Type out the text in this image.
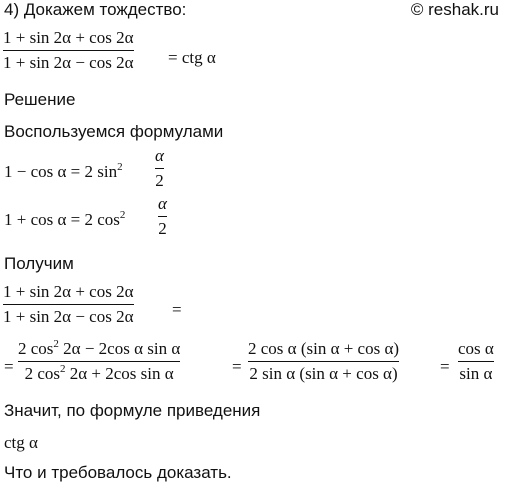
4) Докажем тождество:	© reshak.ru
1 + sin 2α + cos 2α
1 + sin 2α − cos 2α = ctg α
Решение
Воспользуемся формулами
1 − cos α = 2 $\sin^2$
α
2
1 + cos α = 2 $\cos^2$
α
2
Получим
1 + sin 2α + cos 2α
1 + sin 2α − cos 2α =
=
2 $\cos^2 2\alpha - 2\cos$ α sin α
2 $\cos^2 2\alpha + 2\cos$ sin α	=
2 cos α (sin α + cos α)
2 sin α (sin α + cos α) =
cos α
sin α
Значит, по формуле приведения
ctg α
Что и требовалось доказать.
